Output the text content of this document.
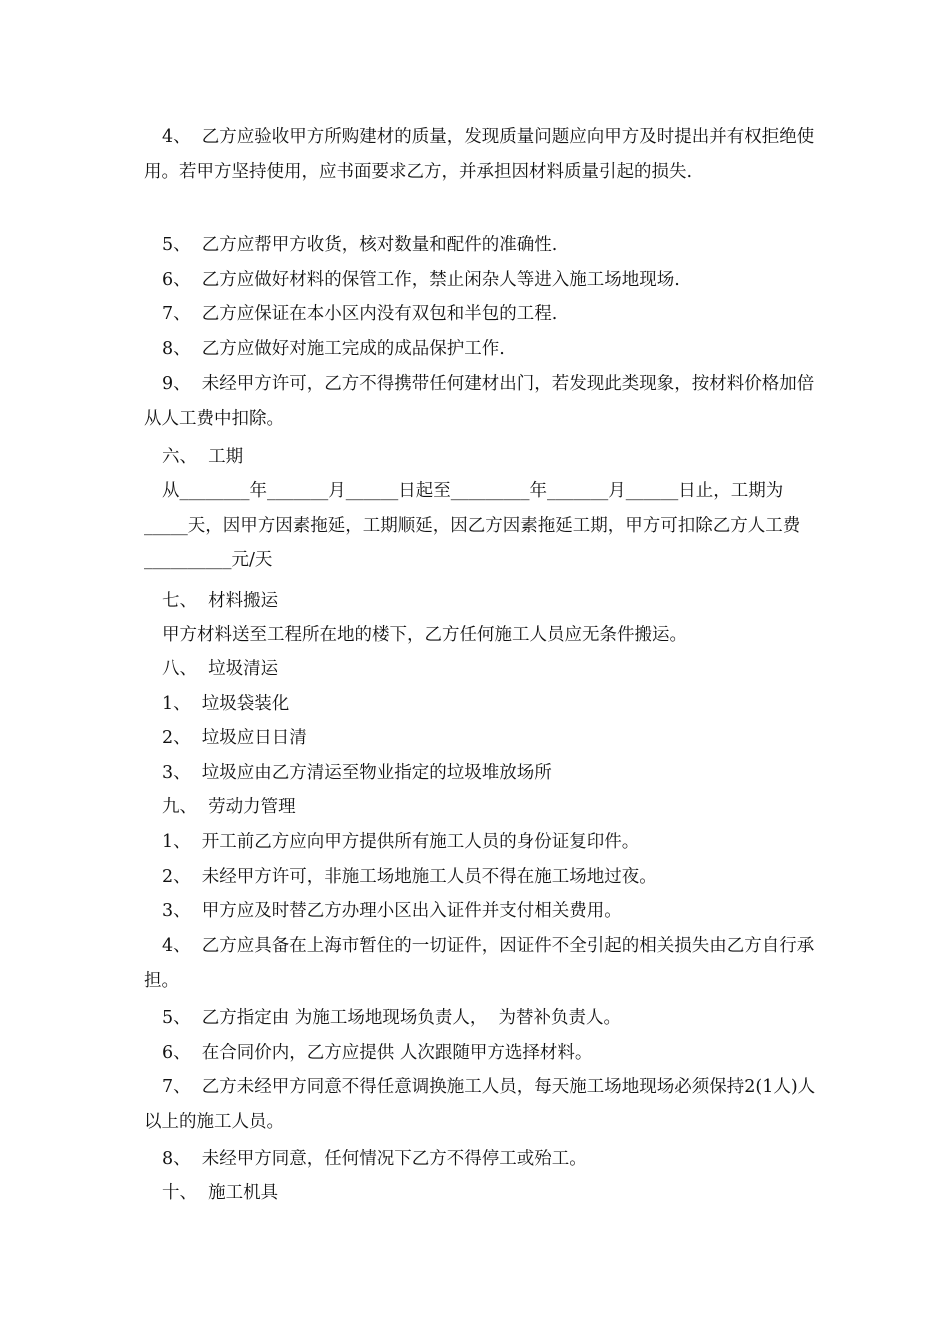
4、  乙方应验收甲方所购建材的质量，发现质量问题应向甲方及时提出并有权拒绝使用。若甲方坚持使用，应书面要求乙方，并承担因材料质量引起的损失.

5、  乙方应帮甲方收货，核对数量和配件的准确性.

6、  乙方应做好材料的保管工作，禁止闲杂人等进入施工场地现场.

7、  乙方应保证在本小区内没有双包和半包的工程.

8、  乙方应做好对施工完成的成品保护工作.

9、  未经甲方许可，乙方不得携带任何建材出门，若发现此类现象，按材料价格加倍从人工费中扣除。

六、  工期

从________年_______月______日起至_________年_______月______日止，工期为_____天，因甲方因素拖延，工期顺延，因乙方因素拖延工期，甲方可扣除乙方人工费__________元/天

七、  材料搬运

甲方材料送至工程所在地的楼下，乙方任何施工人员应无条件搬运。

八、  垃圾清运

1、  垃圾袋装化

2、  垃圾应日日清

3、  垃圾应由乙方清运至物业指定的垃圾堆放场所

九、  劳动力管理

1、  开工前乙方应向甲方提供所有施工人员的身份证复印件。

2、  未经甲方许可，非施工场地施工人员不得在施工场地过夜。

3、  甲方应及时替乙方办理小区出入证件并支付相关费用。

4、  乙方应具备在上海市暂住的一切证件，因证件不全引起的相关损失由乙方自行承担。

5、  乙方指定由 为施工场地现场负责人，  为替补负责人。

6、  在合同价内，乙方应提供 人次跟随甲方选择材料。

7、  乙方未经甲方同意不得任意调换施工人员，每天施工场地现场必须保持2(1人)人以上的施工人员。

8、  未经甲方同意，任何情况下乙方不得停工或殆工。

十、  施工机具
